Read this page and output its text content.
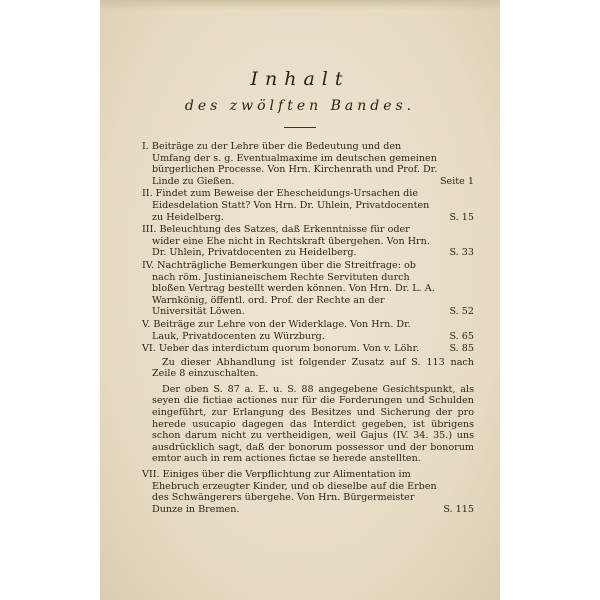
Inhalt
des zwölften Bandes.
I. Beiträge zu der Lehre über die Bedeutung und den Umfang der s. g. Eventualmaxime im deutschen gemeinen bürgerlichen Processe. Von Hrn. Kirchenrath und Prof. Dr. Linde zu Gießen.	Seite 1
II. Findet zum Beweise der Ehescheidungs-Ursachen die Eidesdelation Statt? Von Hrn. Dr. Uhlein, Privatdocenten zu Heidelberg.	S. 15
III. Beleuchtung des Satzes, daß Erkenntnisse für oder wider eine Ehe nicht in Rechtskraft übergehen. Von Hrn. Dr. Uhlein, Privatdocenten zu Heidelberg.	S. 33
IV. Nachträgliche Bemerkungen über die Streitfrage: ob nach röm. Justinianeischem Rechte Servituten durch bloßen Vertrag bestellt werden können. Von Hrn. Dr. L. A. Warnkönig, öffentl. ord. Prof. der Rechte an der Universität Löwen.	S. 52
V. Beiträge zur Lehre von der Widerklage. Von Hrn. Dr. Lauk, Privatdocenten zu Würzburg.	S. 65
VI. Ueber das interdictum quorum bonorum. Von v. Löhr.	S. 85
Zu dieser Abhandlung ist folgender Zusatz auf S. 113 nach Zeile 8 einzuschalten.
Der oben S. 87 a. E. u. S. 88 angegebene Gesichtspunkt, als seyen die fictiae actiones nur für die Forderungen und Schulden eingeführt, zur Erlangung des Besitzes und Sicherung der pro herede usucapio dagegen das Interdict gegeben, ist übrigens schon darum nicht zu vertheidigen, weil Gajus (IV. 34. 35.) uns ausdrücklich sagt, daß der bonorum possessor und der bonorum emtor auch in rem actiones fictae se herede anstellten.
VII. Einiges über die Verpflichtung zur Alimentation im Ehebruch erzeugter Kinder, und ob dieselbe auf die Erben des Schwängerers übergehe. Von Hrn. Bürgermeister Dunze in Bremen.	S. 115
